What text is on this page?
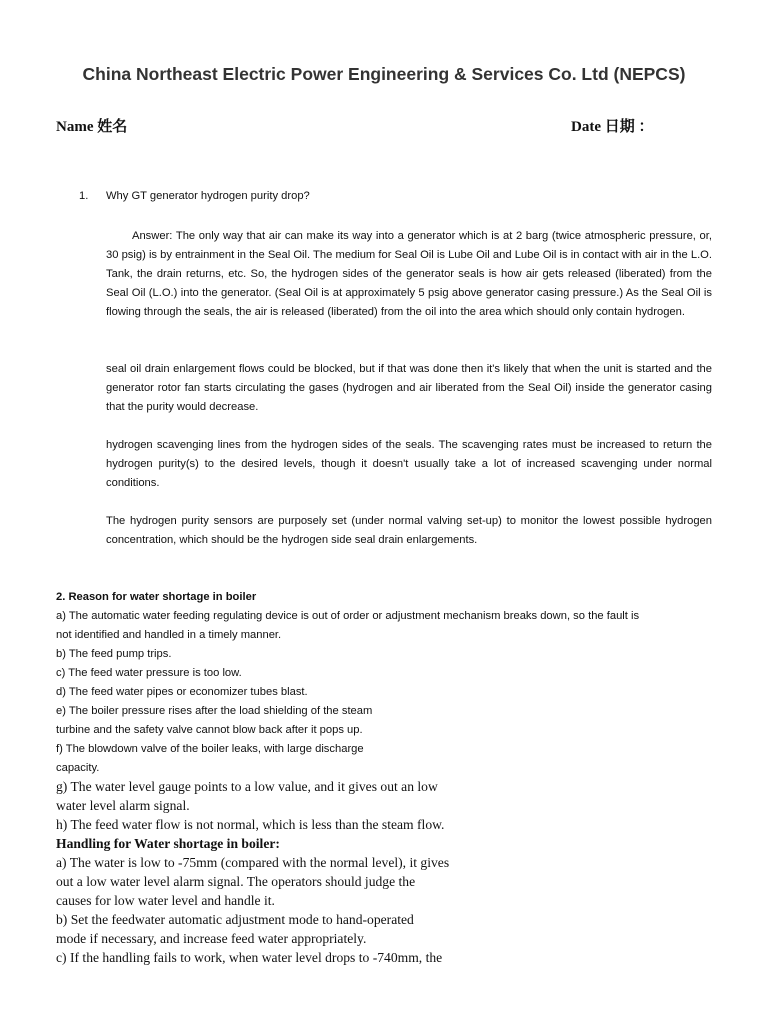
China Northeast Electric Power Engineering & Services Co. Ltd (NEPCS)
Name 姓名	Date 日期 ：
1. Why GT generator hydrogen purity drop?

Answer: The only way that air can make its way into a generator which is at 2 barg (twice atmospheric pressure, or, 30 psig) is by entrainment in the Seal Oil. The medium for Seal Oil is Lube Oil and Lube Oil is in contact with air in the L.O. Tank, the drain returns, etc. So, the hydrogen sides of the generator seals is how air gets released (liberated) from the Seal Oil (L.O.) into the generator. (Seal Oil is at approximately 5 psig above generator casing pressure.) As the Seal Oil is flowing through the seals, the air is released (liberated) from the oil into the area which should only contain hydrogen.

seal oil drain enlargement flows could be blocked, but if that was done then it's likely that when the unit is started and the generator rotor fan starts circulating the gases (hydrogen and air liberated from the Seal Oil) inside the generator casing that the purity would decrease.

hydrogen scavenging lines from the hydrogen sides of the seals. The scavenging rates must be increased to return the hydrogen purity(s) to the desired levels, though it doesn't usually take a lot of increased scavenging under normal conditions.

The hydrogen purity sensors are purposely set (under normal valving set-up) to monitor the lowest possible hydrogen concentration, which should be the hydrogen side seal drain enlargements.

2. Reason for water shortage in boiler
a) The automatic water feeding regulating device is out of order or adjustment mechanism breaks down, so the fault is
not identified and handled in a timely manner.
b) The feed pump trips.
c) The feed water pressure is too low.
d) The feed water pipes or economizer tubes blast.
e) The boiler pressure rises after the load shielding of the steam
turbine and the safety valve cannot blow back after it pops up.
f) The blowdown valve of the boiler leaks, with large discharge
capacity.
g) The water level gauge points to a low value, and it gives out an low
water level alarm signal.
h) The feed water flow is not normal, which is less than the steam flow.
Handling for Water shortage in boiler:
a) The water is low to -75mm (compared with the normal level), it gives
out a low water level alarm signal. The operators should judge the
causes for low water level and handle it.
b) Set the feedwater automatic adjustment mode to hand-operated
mode if necessary, and increase feed water appropriately.
c) If the handling fails to work, when water level drops to -740mm, the
